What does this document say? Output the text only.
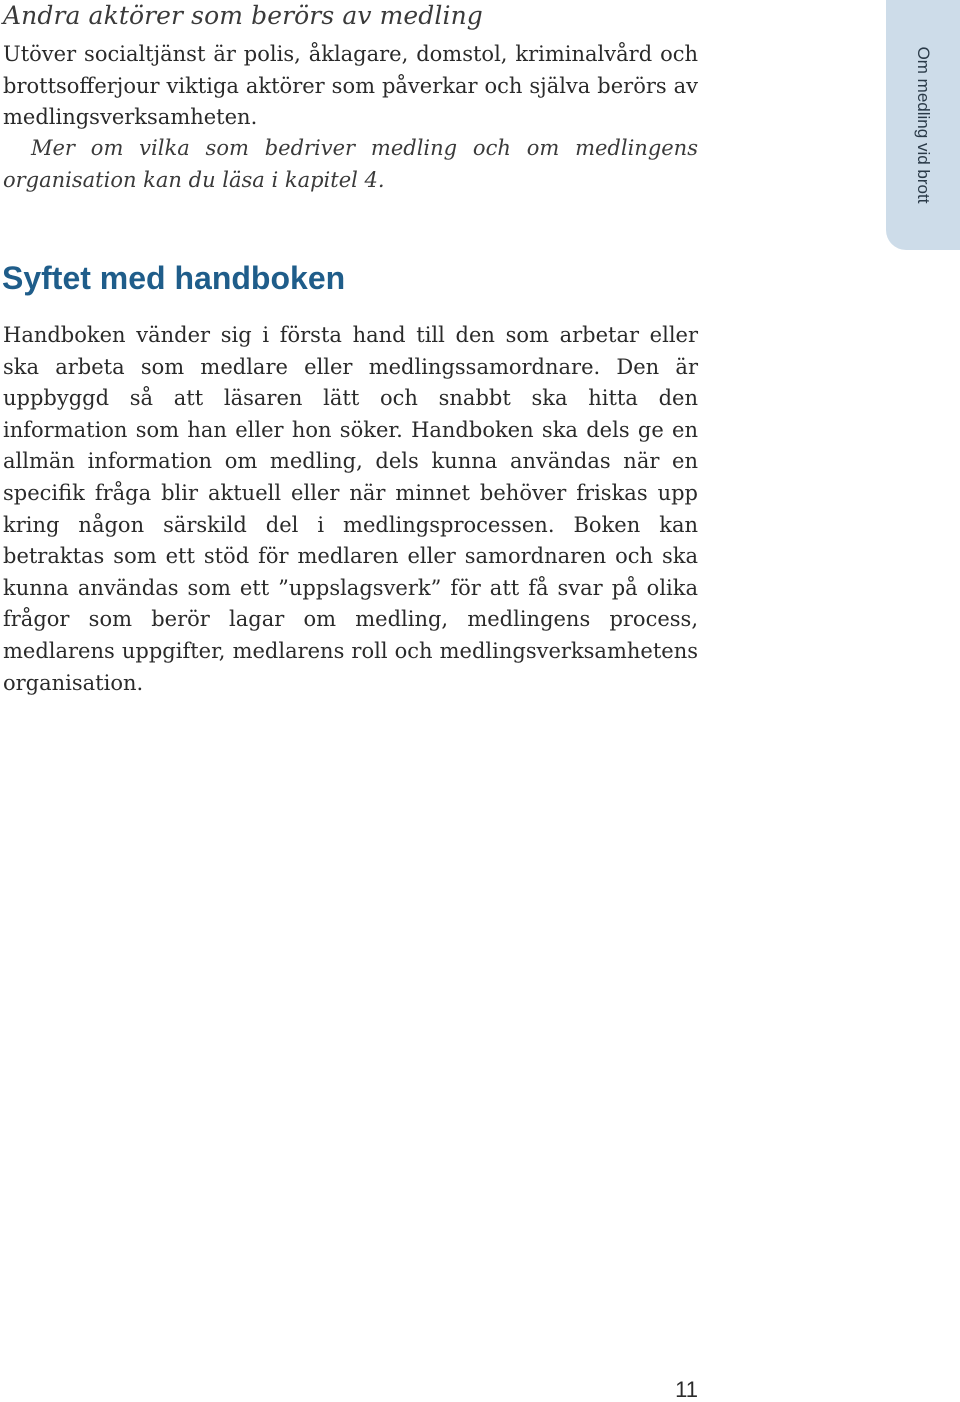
Om medling vid brott
Andra aktörer som berörs av medling

Utöver socialtjänst är polis, åklagare, domstol, kriminalvård och brottsofferjour viktiga aktörer som påverkar och själva berörs av medlingsverksamheten.

Mer om vilka som bedriver medling och om medlingens organisation kan du läsa i kapitel 4.

Syftet med handboken

Handboken vänder sig i första hand till den som arbetar eller ska arbeta som medlare eller medlingssamordnare. Den är uppbyggd så att läsaren lätt och snabbt ska hitta den information som han eller hon söker. Handboken ska dels ge en allmän information om medling, dels kunna användas när en specifik fråga blir aktuell eller när minnet behöver friskas upp kring någon särskild del i medlingsprocessen. Boken kan betraktas som ett stöd för medlaren eller samordnaren och ska kunna användas som ett ”uppslagsverk” för att få svar på olika frågor som berör lagar om medling, medlingens process, medlarens uppgifter, medlarens roll och medlingsverksamhetens organisation.

11
